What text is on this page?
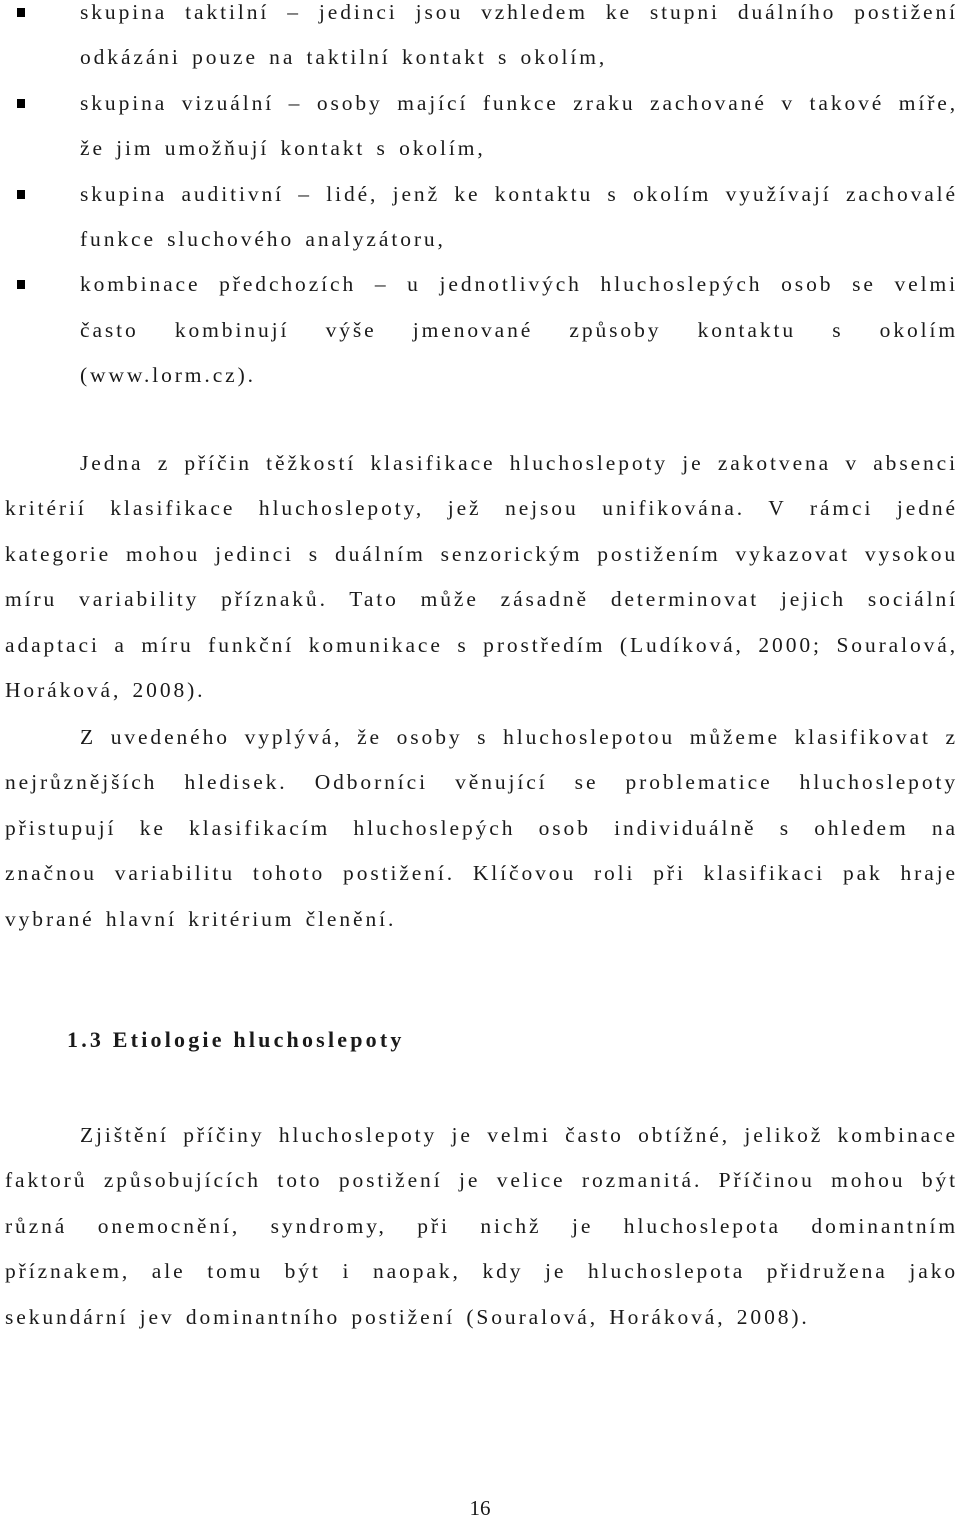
skupina taktilní – jedinci jsou vzhledem ke stupni duálního postižení odkázáni pouze na taktilní kontakt s okolím,
skupina vizuální – osoby mající funkce zraku zachované v takové míře, že jim umožňují kontakt s okolím,
skupina auditivní – lidé, jenž ke kontaktu s okolím využívají zachovalé funkce sluchového analyzátoru,
kombinace předchozích – u jednotlivých hluchoslepých osob se velmi často kombinují výše jmenované způsoby kontaktu s okolím (www.lorm.cz).

Jedna z příčin těžkostí klasifikace hluchoslepoty je zakotvena v absenci kritérií klasifikace hluchoslepoty, jež nejsou unifikována. V rámci jedné kategorie mohou jedinci s duálním senzorickým postižením vykazovat vysokou míru variability příznaků. Tato může zásadně determinovat jejich sociální adaptaci a míru funkční komunikace s prostředím (Ludíková, 2000; Souralová, Horáková, 2008).

Z uvedeného vyplývá, že osoby s hluchoslepotou můžeme klasifikovat z nejrůznějších hledisek. Odborníci věnující se problematice hluchoslepoty přistupují ke klasifikacím hluchoslepých osob individuálně s ohledem na značnou variabilitu tohoto postižení. Klíčovou roli při klasifikaci pak hraje vybrané hlavní kritérium členění.

1.3 Etiologie hluchoslepoty

Zjištění příčiny hluchoslepoty je velmi často obtížné, jelikož kombinace faktorů způsobujících toto postižení je velice rozmanitá. Příčinou mohou být různá onemocnění, syndromy, při nichž je hluchoslepota dominantním příznakem, ale tomu být i naopak, kdy je hluchoslepota přidružena jako sekundární jev dominantního postižení (Souralová, Horáková, 2008).

16
